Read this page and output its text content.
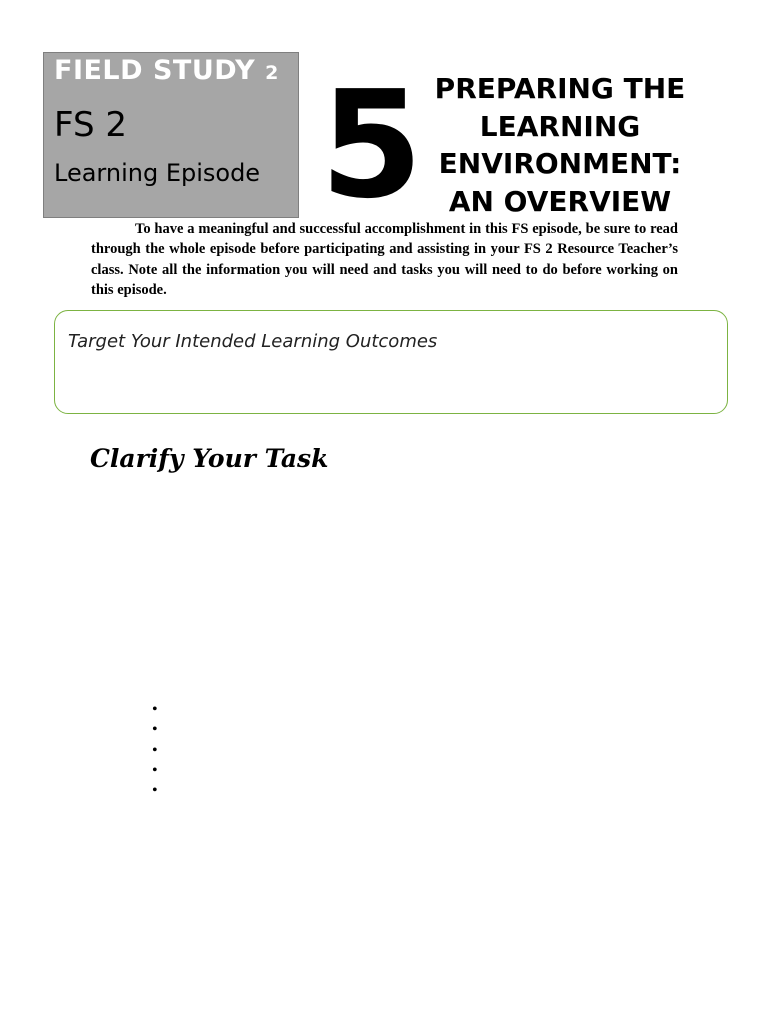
FIELD STUDY 2
FS 2
Learning Episode 5 PREPARING THE
LEARNING
ENVIRONMENT:
AN OVERVIEW

To have a meaningful and successful accomplishment in this FS episode, be sure to read through the whole episode before participating and assisting in your FS 2 Resource Teacher’s class. Note all the information you will need and tasks you will need to do before working on this episode.

Target Your Intended Learning Outcomes
Clarify Your Task
•
•
•
•
•
